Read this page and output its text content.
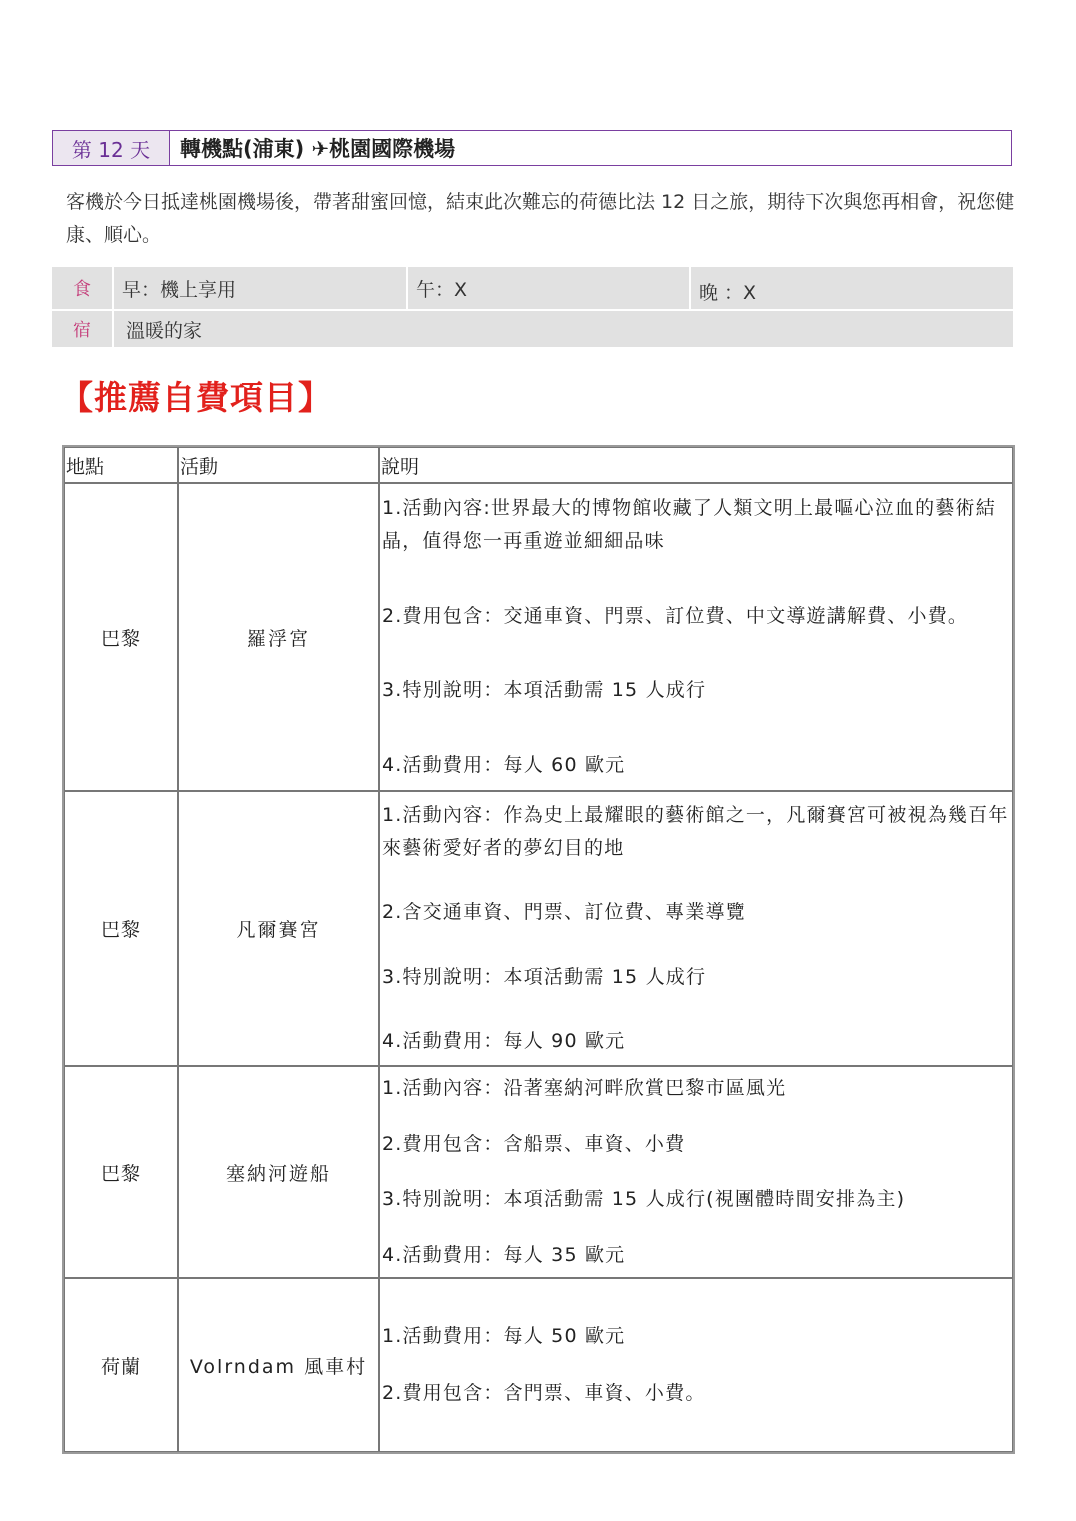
第 12 天	轉機點(浦東) ✈桃園國際機場
客機於今日抵達桃園機場後，帶著甜蜜回憶，結束此次難忘的荷德比法 12 日之旅，期待下次與您再相會，祝您健康、順心。
食	早：機上享用	午：X	晚 ：X
宿	溫暖的家
【推薦自費項目】
地點	活動	說明
巴黎	羅浮宮	1.活動內容:世界最大的博物館收藏了人類文明上最嘔心泣血的藝術結晶，值得您一再重遊並細細品味
2.費用包含：交通車資、門票、訂位費、中文導遊講解費、小費。
3.特別說明：本項活動需 15 人成行
4.活動費用：每人 60 歐元

巴黎	凡爾賽宮	1.活動內容：作為史上最耀眼的藝術館之一，凡爾賽宮可被視為幾百年來藝術愛好者的夢幻目的地
2.含交通車資、門票、訂位費、專業導覽
3.特別說明：本項活動需 15 人成行
4.活動費用：每人 90 歐元

巴黎	塞納河遊船	1.活動內容：沿著塞納河畔欣賞巴黎市區風光
2.費用包含：含船票、車資、小費
3.特別說明：本項活動需 15 人成行(視團體時間安排為主)
4.活動費用：每人 35 歐元

荷蘭	Volrndam 風車村	1.活動費用：每人 50 歐元
2.費用包含：含門票、車資、小費。
